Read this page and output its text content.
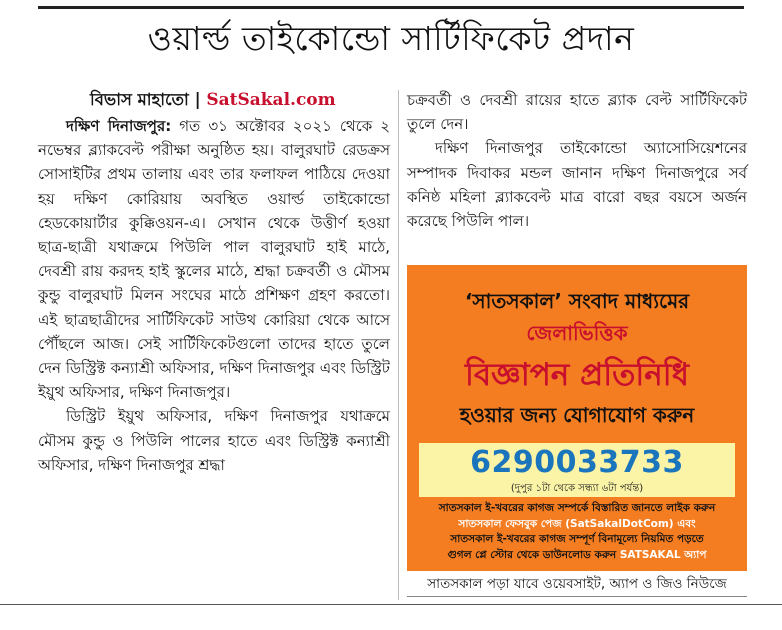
ওয়ার্ল্ড তাইকোন্ডো সার্টিফিকেট প্রদান
বিভাস মাহাতো | SatSakal.com

দক্ষিণ দিনাজপুর: গত ৩১ অক্টোবর ২০২১ থেকে ২ নভেম্বর ব্ল্যাকবেল্ট পরীক্ষা অনুষ্ঠিত হয়। বালুরঘাট রেডক্রস সোসাইটির প্রথম তালায় এবং তার ফলাফল পাঠিয়ে দেওয়া হয় দক্ষিণ কোরিয়ায় অবস্থিত ওয়ার্ল্ড তাইকোন্ডো হেডকোয়ার্টার কুক্কিওয়ন-এ। সেখান থেকে উত্তীর্ণ হওয়া ছাত্র-ছাত্রী যথাক্রমে পিউলি পাল বালুরঘাট হাই মাঠে, দেবশ্রী রায় করদহ হাই স্কুলের মাঠে, শ্রদ্ধা চক্রবর্তী ও মৌসম কুন্ডু বালুরঘাট মিলন সংঘের মাঠে প্রশিক্ষণ গ্রহণ করতো। এই ছাত্রছাত্রীদের সার্টিফিকেট সাউথ কোরিয়া থেকে আসে পৌঁছলে আজ। সেই সার্টিফিকেটগুলো তাদের হাতে তুলে দেন ডিস্ট্রিক্ট কন্যাশ্রী অফিসার, দক্ষিণ দিনাজপুর এবং ডিস্ট্রিট ইয়ুথ অফিসার, দক্ষিণ দিনাজপুর।

ডিস্ট্রিট ইয়ুথ অফিসার, দক্ষিণ দিনাজপুর যথাক্রমে মৌসম কুন্ডু ও পিউলি পালের হাতে এবং ডিস্ট্রিক্ট কন্যাশ্রী অফিসার, দক্ষিণ দিনাজপুর শ্রদ্ধা

চক্রবর্তী ও দেবশ্রী রায়ের হাতে ব্ল্যাক বেল্ট সার্টিফিকেট তুলে দেন।

দক্ষিণ দিনাজপুর তাইকোন্ডো অ্যাসোসিয়েশনের সম্পাদক দিবাকর মন্ডল জানান দক্ষিণ দিনাজপুরে সর্ব কনিষ্ঠ মহিলা ব্ল্যাকবেল্ট মাত্র বারো বছর বয়সে অর্জন করেছে পিউলি পাল।

‘সাতসকাল’ সংবাদ মাধ্যমের
জেলাভিত্তিক
বিজ্ঞাপন প্রতিনিধি
হওয়ার জন্য যোগাযোগ করুন
6290033733
(দুপুর ১টা থেকে সন্ধ্যা ৬টা পর্যন্ত)
সাতসকাল ই-খবরের কাগজ সম্পর্কে বিস্তারিত জানতে লাইক করুন
সাতসকাল ফেসবুক পেজ (SatSakalDotCom) এবং
সাতসকাল ই-খবরের কাগজ সম্পূর্ণ বিনামূল্যে নিয়মিত পড়তে
গুগল প্লে স্টোর থেকে ডাউনলোড করুন SATSAKAL অ্যাপ
সাতসকাল পড়া যাবে ওয়েবসাইট, অ্যাপ ও জিও নিউজে
